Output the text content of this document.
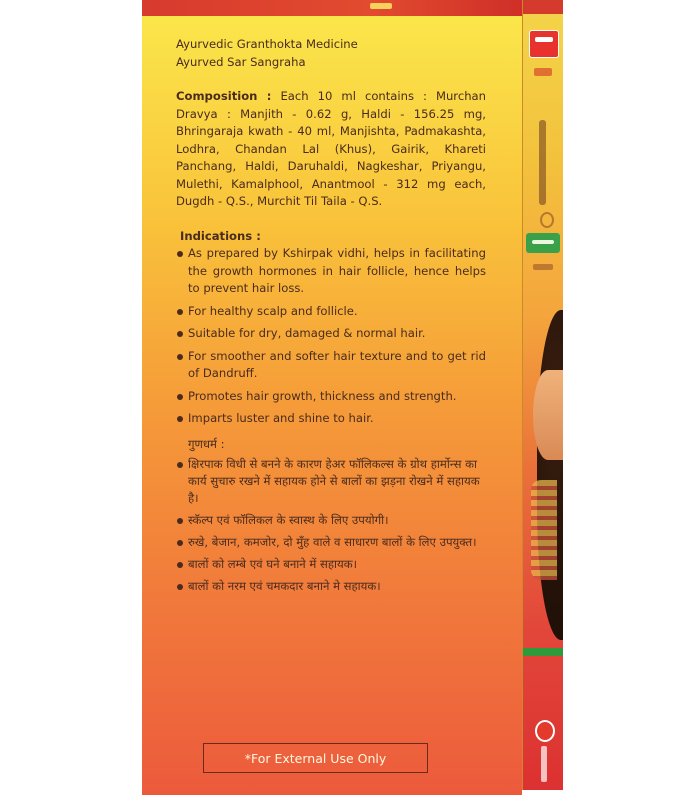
Ayurvedic Granthokta Medicine

Ayurved Sar Sangraha

Composition : Each 10 ml contains : Murchan Dravya : Manjith - 0.62 g, Haldi - 156.25 mg, Bhringaraja kwath - 40 ml, Manjishta, Padmakashta, Lodhra, Chandan Lal (Khus), Gairik, Khareti Panchang, Haldi, Daruhaldi, Nagkeshar, Priyangu, Mulethi, Kamalphool, Anantmool - 312 mg each, Dugdh - Q.S., Murchit Til Taila - Q.S.
Indications :
As prepared by Kshirpak vidhi, helps in facilitating the growth hormones in hair follicle, hence helps to prevent hair loss.
For healthy scalp and follicle.
Suitable for dry, damaged & normal hair.
For smoother and softer hair texture and to get rid of Dandruff.
Promotes hair growth, thickness and strength.
Imparts luster and shine to hair.
गुणधर्म :
क्षिरपाक विधी से बनने के कारण हेअर फॉलिकल्स के ग्रोथ हार्मोन्स का कार्य सुचारु रखने में सहायक होने से बालों का झड़ना रोखने में सहायक है।
स्कॅल्प एवं फॉलिकल के स्वास्थ के लिए उपयोगी।
रुखे, बेजान, कमजोर, दो मुँह वाले व साधारण बालों के लिए उपयुक्त।
बालों को लम्बे एवं घने बनाने में सहायक।
बालों को नरम एवं चमकदार बनाने मे सहायक।
*For External Use Only
